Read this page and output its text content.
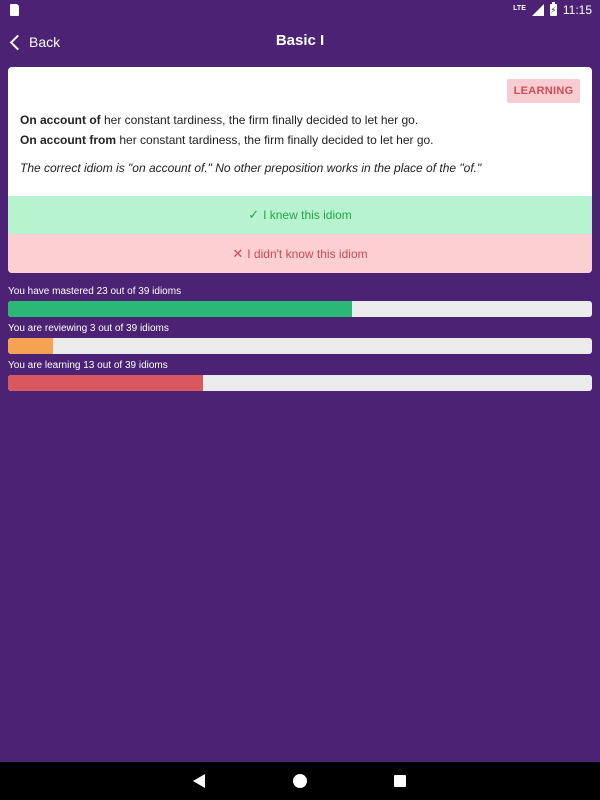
LTE	⚡ 11:15
Back	Basic I
LEARNING
On account of her constant tardiness, the firm finally decided to let her go.
On account from her constant tardiness, the firm finally decided to let her go.
The correct idiom is "on account of." No other preposition works in the place of the "of."
✓ I knew this idiom
✕ I didn't know this idiom
You have mastered 23 out of 39 idioms
You are reviewing 3 out of 39 idioms
You are learning 13 out of 39 idioms
